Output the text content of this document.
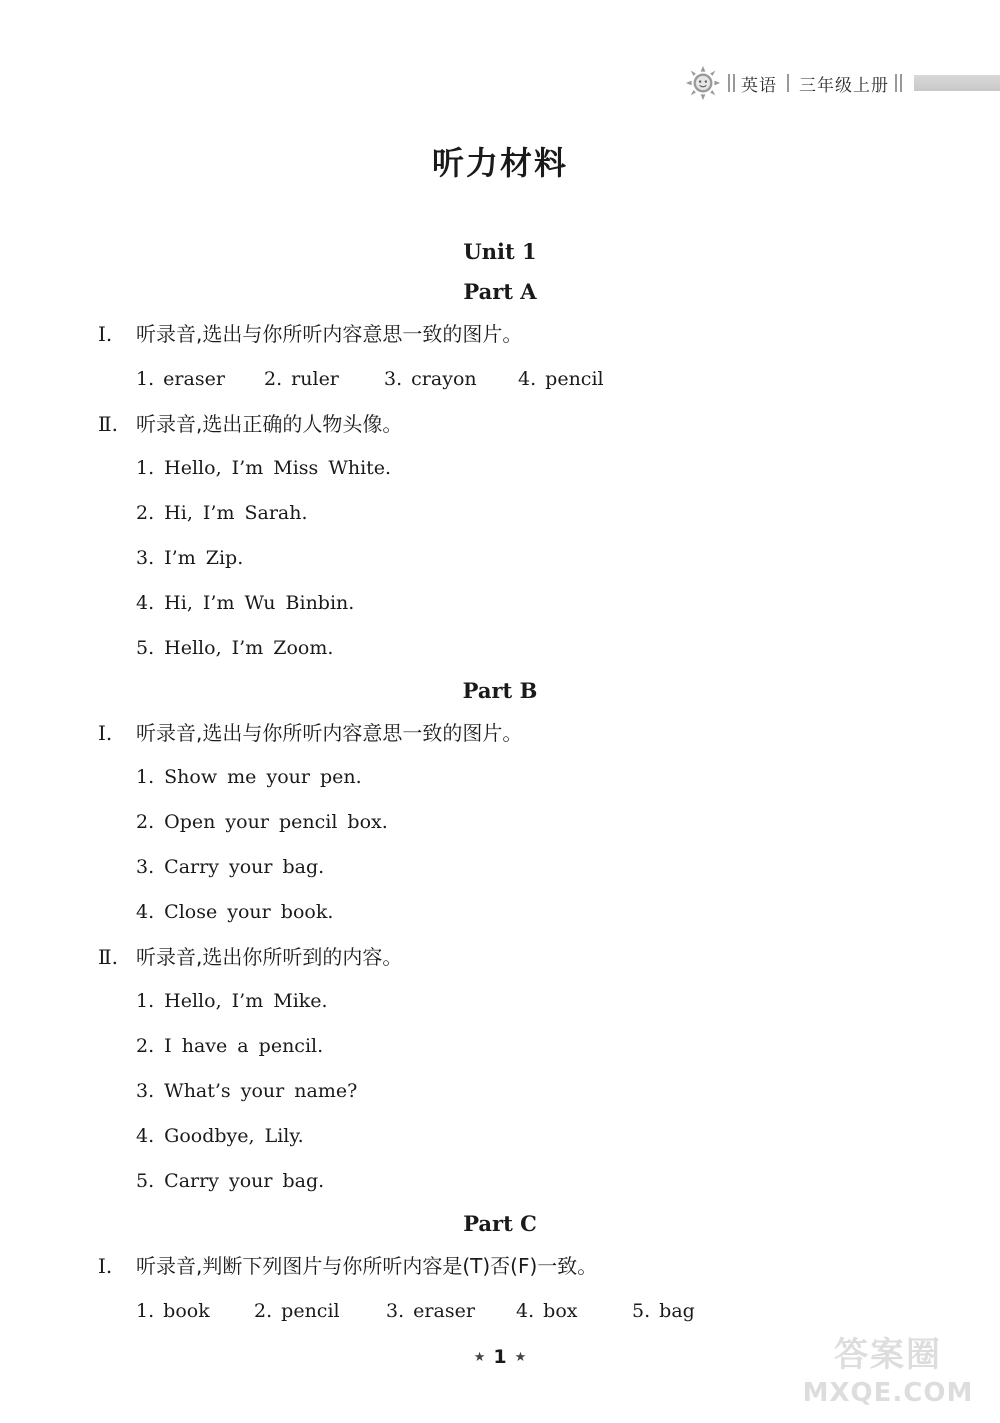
英语 三年级上册
听力材料
Unit 1
Part A
Ⅰ.	听录音,选出与你所听内容意思一致的图片。
1. eraser	2. ruler	3. crayon	4. pencil
Ⅱ. 听录音,选出正确的人物头像。
1. Hello, I’m Miss White.
2. Hi, I’m Sarah.
3. I’m Zip.
4. Hi, I’m Wu Binbin.
5. Hello, I’m Zoom.
Part B
Ⅰ.	听录音,选出与你所听内容意思一致的图片。
1. Show me your pen.
2. Open your pencil box.
3. Carry your bag.
4. Close your book.
Ⅱ. 听录音,选出你所听到的内容。
1. Hello, I’m Mike.
2. I have a pencil.
3. What’s your name?
4. Goodbye, Lily.
5. Carry your bag.
Part C
Ⅰ.	听录音,判断下列图片与你所听内容是(T)否(F)一致。
1. book	2. pencil	3. eraser	4. box	5. bag
★ 1 ★	答案圈
MXQE.COM
